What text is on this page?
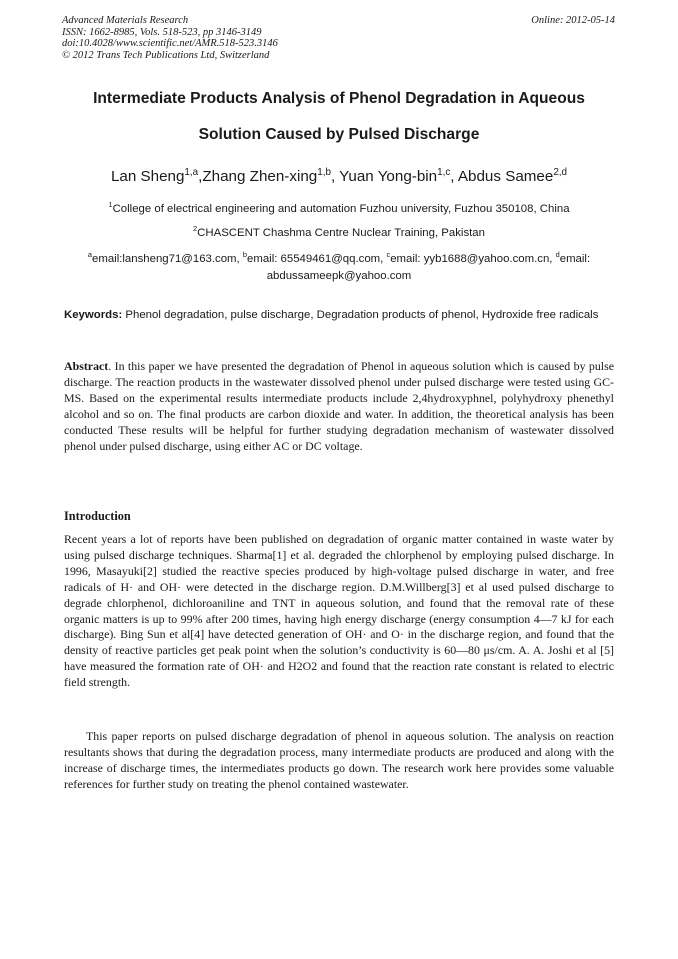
Advanced Materials Research
ISSN: 1662-8985, Vols. 518-523, pp 3146-3149
doi:10.4028/www.scientific.net/AMR.518-523.3146
© 2012 Trans Tech Publications Ltd, Switzerland
Online: 2012-05-14
Intermediate Products Analysis of Phenol Degradation in Aqueous
Solution Caused by Pulsed Discharge
Lan Sheng$^{1,a}$,Zhang Zhen-xing$^{1,b}$, Yuan Yong-bin$^{1,c}$, Abdus Samee$^{2,d}$
$^1$College of electrical engineering and automation Fuzhou university, Fuzhou 350108, China
$^2$CHASCENT Chashma Centre Nuclear Training, Pakistan
$^a$email:lansheng71@163.com, $^b$email: 65549461@qq.com, $^c$email: yyb1688@yahoo.com.cn, $^d$email: abdussameepk@yahoo.com
Keywords: Phenol degradation, pulse discharge, Degradation products of phenol, Hydroxide free radicals

Abstract. In this paper we have presented the degradation of Phenol in aqueous solution which is caused by pulse discharge. The reaction products in the wastewater dissolved phenol under pulsed discharge were tested using GC-MS. Based on the experimental results intermediate products include 2,4hydroxyphnel, polyhydroxy phenethyl alcohol and so on. The final products are carbon dioxide and water. In addition, the theoretical analysis has been conducted These results will be helpful for further studying degradation mechanism of wastewater dissolved phenol under pulsed discharge, using either AC or DC voltage.

Introduction

Recent years a lot of reports have been published on degradation of organic matter contained in waste water by using pulsed discharge techniques. Sharma[1] et al. degraded the chlorphenol by employing pulsed discharge. In 1996, Masayuki[2] studied the reactive species produced by high-voltage pulsed discharge in water, and free radicals of H· and OH· were detected in the discharge region. D.M.Willberg[3] et al used pulsed discharge to degrade chlorphenol, dichloroaniline and TNT in aqueous solution, and found that the removal rate of these organic matters is up to 99% after 200 times, having high energy discharge (energy consumption 4—7 kJ for each discharge). Bing Sun et al[4] have detected generation of OH· and O· in the discharge region, and found that the density of reactive particles get peak point when the solution’s conductivity is 60—80 μs/cm. A. A. Joshi et al [5] have measured the formation rate of OH· and H2O2 and found that the reaction rate constant is related to electric field strength.

This paper reports on pulsed discharge degradation of phenol in aqueous solution. The analysis on reaction resultants shows that during the degradation process, many intermediate products are produced and along with the increase of discharge times, the intermediates products go down. The research work here provides some valuable references for further study on treating the phenol contained wastewater.
